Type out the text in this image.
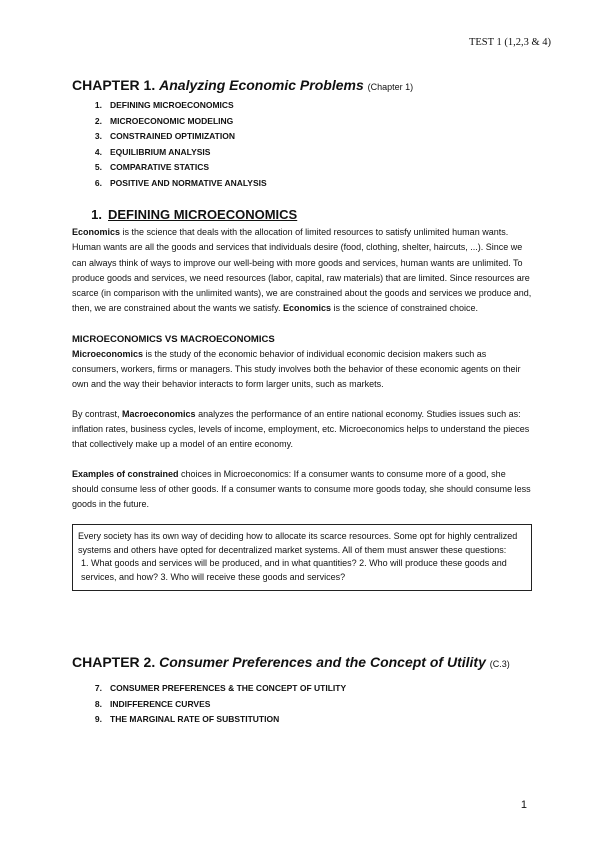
TEST 1 (1,2,3 & 4)
CHAPTER 1. Analyzing Economic Problems (Chapter 1)
1. DEFINING MICROECONOMICS
2. MICROECONOMIC MODELING
3. CONSTRAINED OPTIMIZATION
4. EQUILIBRIUM ANALYSIS
5. COMPARATIVE STATICS
6. POSITIVE AND NORMATIVE ANALYSIS
1. DEFINING MICROECONOMICS

Economics is the science that deals with the allocation of limited resources to satisfy unlimited human wants. Human wants are all the goods and services that individuals desire (food, clothing, shelter, haircuts, ...). Since we can always think of ways to improve our well-being with more goods and services, human wants are unlimited. To produce goods and services, we need resources (labor, capital, raw materials) that are limited. Since resources are scarce (in comparison with the unlimited wants), we are constrained about the goods and services we produce and, then, we are constrained about the wants we satisfy. Economics is the science of constrained choice.

MICROECONOMICS VS MACROECONOMICS

Microeconomics is the study of the economic behavior of individual economic decision makers such as consumers, workers, firms or managers. This study involves both the behavior of these economic agents on their own and the way their behavior interacts to form larger units, such as markets.

By contrast, Macroeconomics analyzes the performance of an entire national economy. Studies issues such as: inflation rates, business cycles, levels of income, employment, etc. Microeconomics helps to understand the pieces that collectively make up a model of an entire economy.

Examples of constrained choices in Microeconomics: If a consumer wants to consume more of a good, she should consume less of other goods. If a consumer wants to consume more goods today, she should consume less goods in the future.

Every society has its own way of deciding how to allocate its scarce resources. Some opt for highly centralized systems and others have opted for decentralized market systems. All of them must answer these questions:

1. What goods and services will be produced, and in what quantities? 2. Who will produce these goods and services, and how? 3. Who will receive these goods and services?

CHAPTER 2. Consumer Preferences and the Concept of Utility (C.3)
7. CONSUMER PREFERENCES & THE CONCEPT OF UTILITY
8. INDIFFERENCE CURVES
9. THE MARGINAL RATE OF SUBSTITUTION
1
